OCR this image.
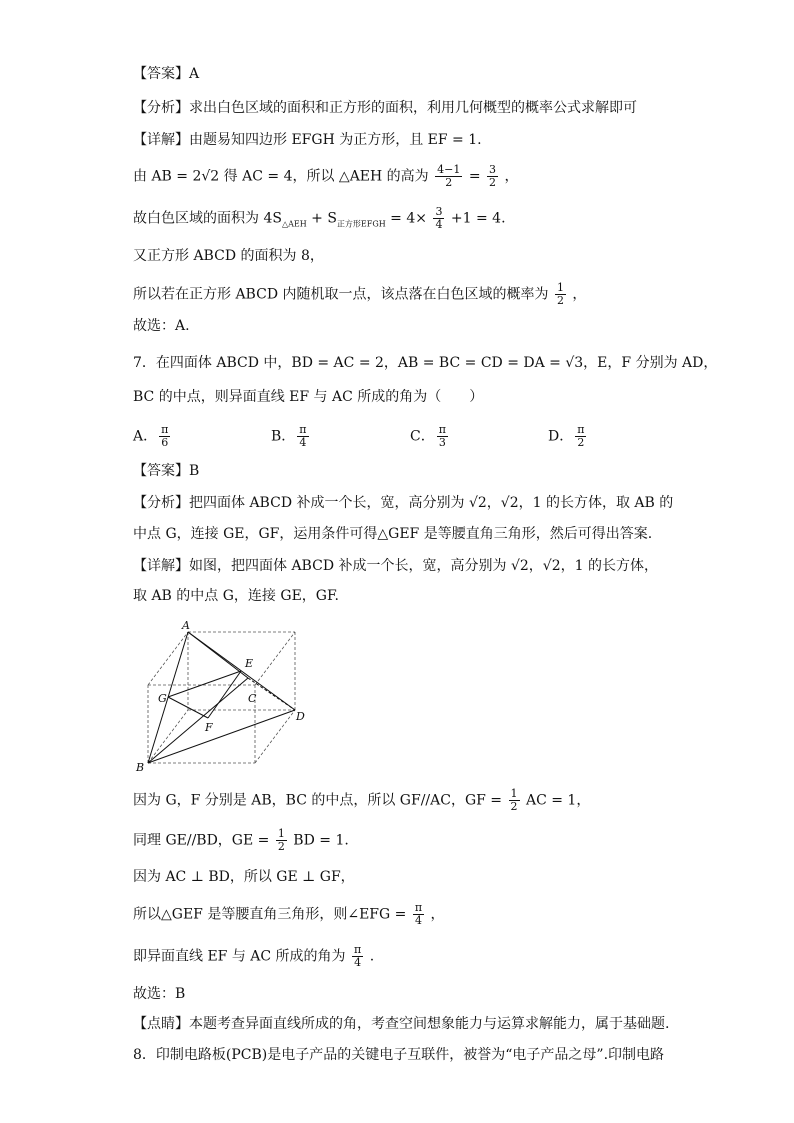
【答案】A
【分析】求出白色区域的面积和正方形的面积，利用几何概型的概率公式求解即可
【详解】由题易知四边形 EFGH 为正方形，且 EF = 1.
由 AB = 2√2 得 AC = 4，所以 △AEH 的高为 $\frac{4-1}{2} = \frac{3}{2}$ ，
故白色区域的面积为 $4S_{\triangle AEH} + S_{正方形EFGH} = 4\times \frac{3}{4} +1 = 4$.
又正方形 ABCD 的面积为 8，
所以若在正方形 ABCD 内随机取一点，该点落在白色区域的概率为 $\frac{1}{2}$ ，
故选：A.
7．在四面体 ABCD 中，BD = AC = 2，AB = BC = CD = DA = √3，E，F 分别为 AD，
BC 的中点，则异面直线 EF 与 AC 所成的角为（　　）
A． $\frac{\pi}{6}$	B． $\frac{\pi}{4}$	C． $\frac{\pi}{3}$	D． $\frac{\pi}{2}$
【答案】B
【分析】把四面体 ABCD 补成一个长，宽，高分别为 √2，√2，1 的长方体，取 AB 的
中点 G，连接 GE，GF，运用条件可得△GEF 是等腰直角三角形，然后可得出答案.
【详解】如图，把四面体 ABCD 补成一个长，宽，高分别为 √2，√2，1 的长方体，
取 AB 的中点 G，连接 GE，GF.
A
B
C
D
E
F
G
因为 G，F 分别是 AB，BC 的中点，所以 GF//AC，GF = $\frac{1}{2}$ AC = 1，
同理 GE//BD，GE = $\frac{1}{2}$ BD = 1.
因为 AC ⊥ BD，所以 GE ⊥ GF，
所以△GEF 是等腰直角三角形，则∠EFG = $\frac{\pi}{4}$ ，
即异面直线 EF 与 AC 所成的角为 $\frac{\pi}{4}$ .
故选：B
【点睛】本题考查异面直线所成的角，考查空间想象能力与运算求解能力，属于基础题.
8．印制电路板(PCB)是电子产品的关键电子互联件，被誉为“电子产品之母”.印制电路
